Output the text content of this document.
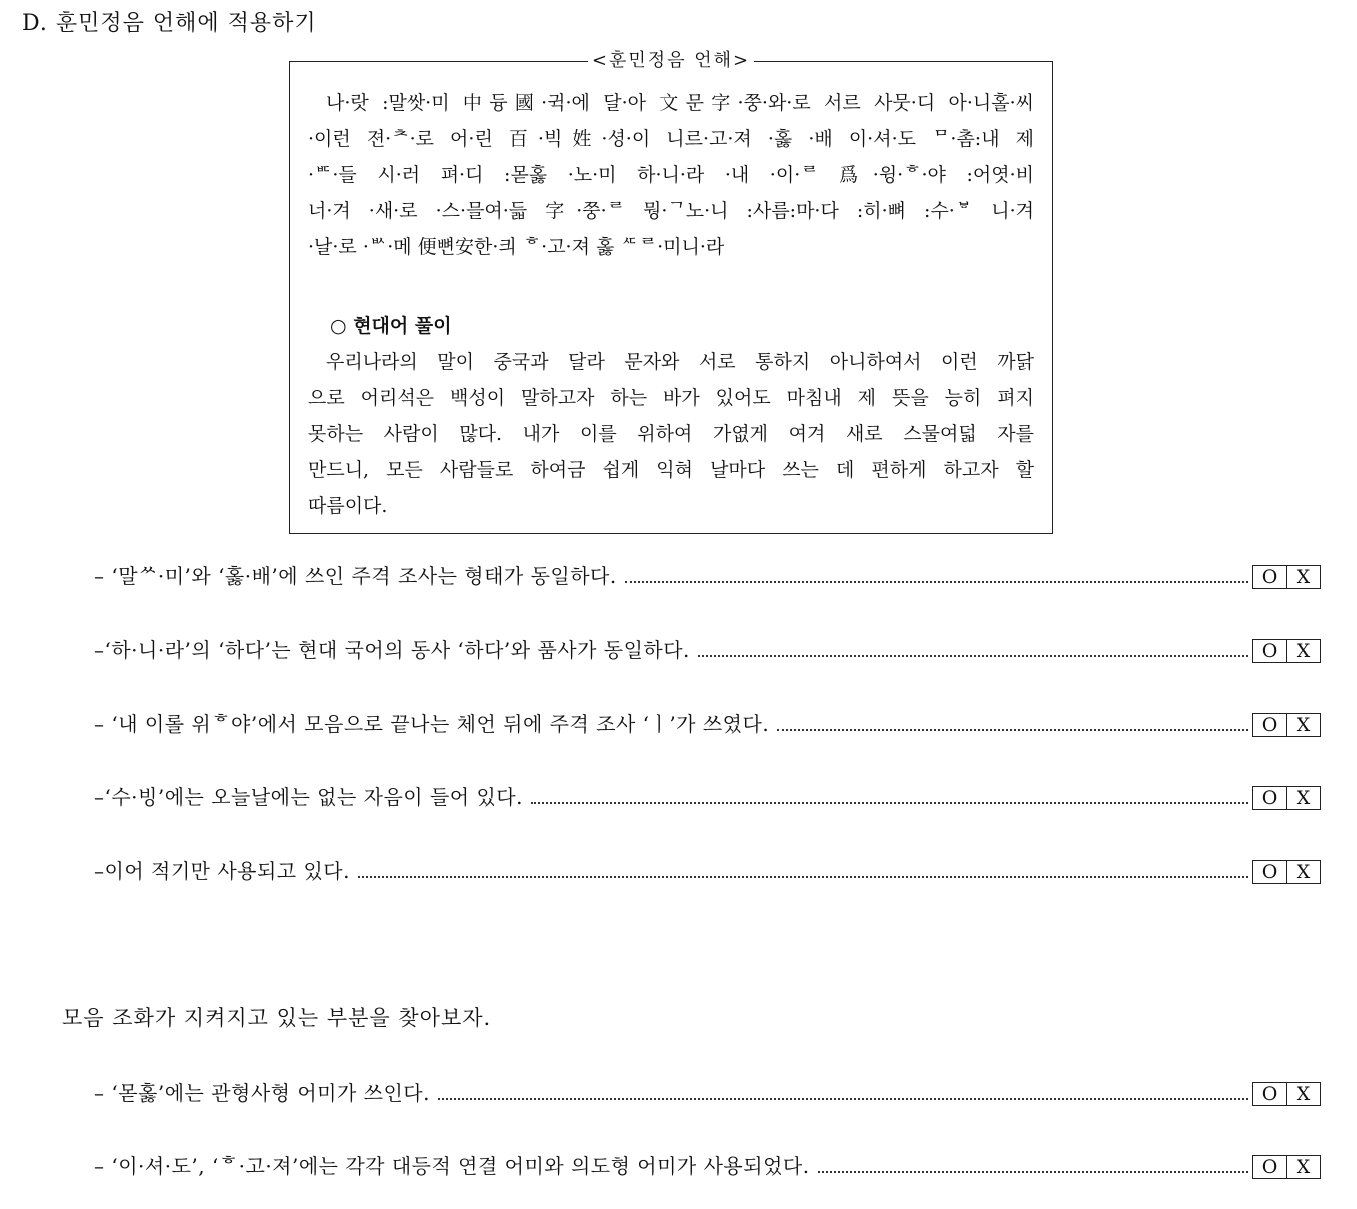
D. 훈민정음 언해에 적용하기
<훈민정음 언해>
나·랏 :말쌋·미 中듕國·귁·에 달·아 文문字·쭝·와·로 서르 사뭇·디 아·니홀·씨
·이런 젼·ᄎ·로 어·린 百·빅姓·셩·이 니르·고·져 ·홇 ·배 이·셔·도 ᄆ·촘:내 제
·ᄠ·들 시·러 펴·디 :몯홇 ·노·미 하·니·라 ·내 ·이·ᄅ 爲·윙·ᄒ·야 :어엿·비
너·겨 ·새·로 ·스·믈여·듧 字·쭝·ᄅ 뭥·ᄀ노·니 :사름:마·다 :히·뼈 :수·ᄫ 니·겨
·날·로 ·ᄡ·메 便뼌安한·킈 ᄒ·고·져 홇 ᄯᄅ·미니·라
○ 현대어 풀이
우리나라의 말이 중국과 달라 문자와 서로 통하지 아니하여서 이런 까닭
으로 어리석은 백성이 말하고자 하는 바가 있어도 마침내 제 뜻을 능히 펴지
못하는 사람이 많다. 내가 이를 위하여 가엾게 여겨 새로 스물여덟 자를
만드니, 모든 사람들로 하여금 쉽게 익혀 날마다 쓰는 데 편하게 하고자 할
따름이다.
– ‘말ᄊ·미’와 ‘홇·배’에 쓰인 주격 조사는 형태가 동일하다.	O	X
–‘하·니·라’의 ‘하다’는 현대 국어의 동사 ‘하다’와 품사가 동일하다.	O	X
– ‘내 이롤 위ᄒ야’에서 모음으로 끝나는 체언 뒤에 주격 조사 ‘ㅣ’가 쓰였다.	O	X
–‘수·빙’에는 오늘날에는 없는 자음이 들어 있다.	O	X
–이어 적기만 사용되고 있다.	O	X
모음 조화가 지켜지고 있는 부분을 찾아보자.
– ‘몯홇’에는 관형사형 어미가 쓰인다.	O	X
– ‘이·셔·도’, ‘ᄒ·고·져’에는 각각 대등적 연결 어미와 의도형 어미가 사용되었다.	O	X
